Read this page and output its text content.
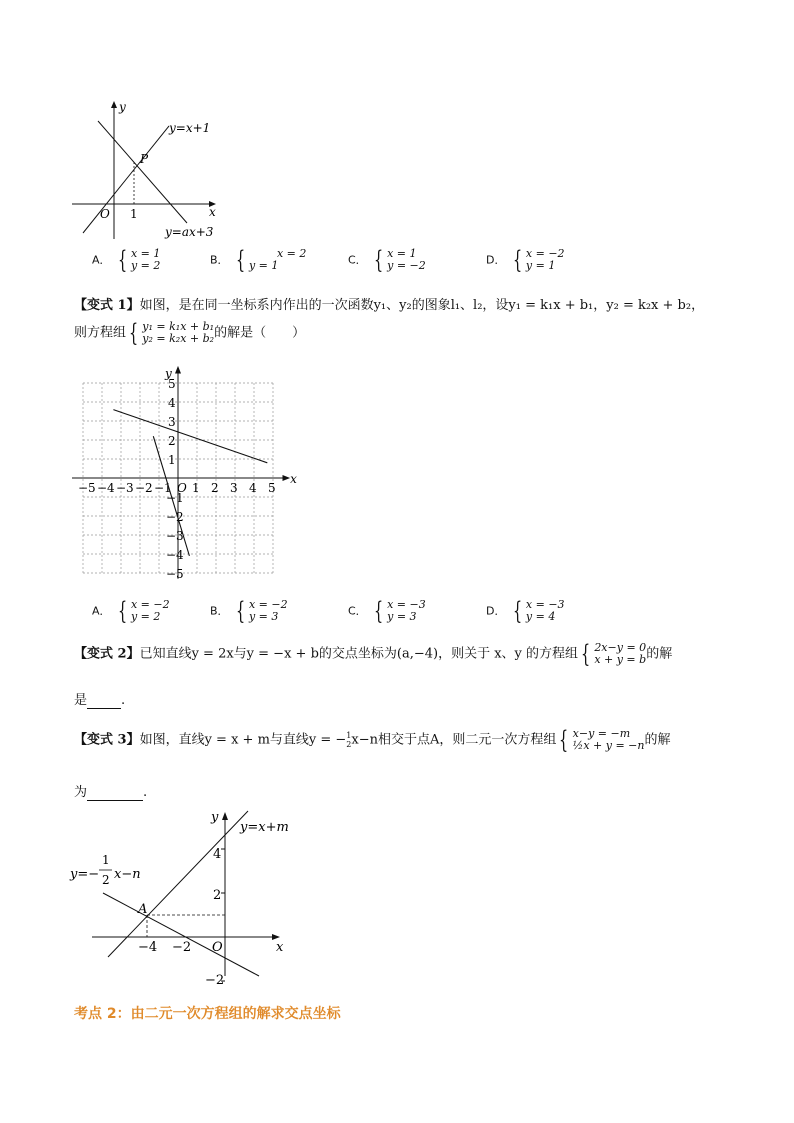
y
x
O 1
P
y=x+1
y=ax+3
A． { x = 1
y = 2	B． {	x = 2
y = 1	C． { x = 1
y = −2	D． { x = −2
y = 1
【变式 1】如图，是在同一坐标系内作出的一次函数y₁、y₂的图象l₁、l₂，设y₁ = k₁x + b₁，y₂ = k₂x + b₂，
则方程组 { y₁ = k₁x + b₁
y₂ = k₂x + b₂ 的解是（　　）
−5 −4 −3 −2 −1 O 1 2 3 4 5
5
4
3
2
1
−1
−2
−3
−4
−5
x
y
A． { x = −2
y = 2	B． { x = −2
y = 3	C． { x = −3
y = 3	D． { x = −3
y = 4
【变式 2】已知直线y = 2x与y = −x + b的交点坐标为(a,−4)，则关于 x、y 的方程组 { 2x−y = 0
x + y = b 的解
是	.
【变式 3】如图，直线y = x + m与直线y = − 1
2 x−n相交于点A，则二元一次方程组 { x−y = −m
½x + y = −n 的解
为	.
y
x
O
A
4
2
−2
−4 −2
y=x+m
y=−
1
2 x−n
考点 2：由二元一次方程组的解求交点坐标
